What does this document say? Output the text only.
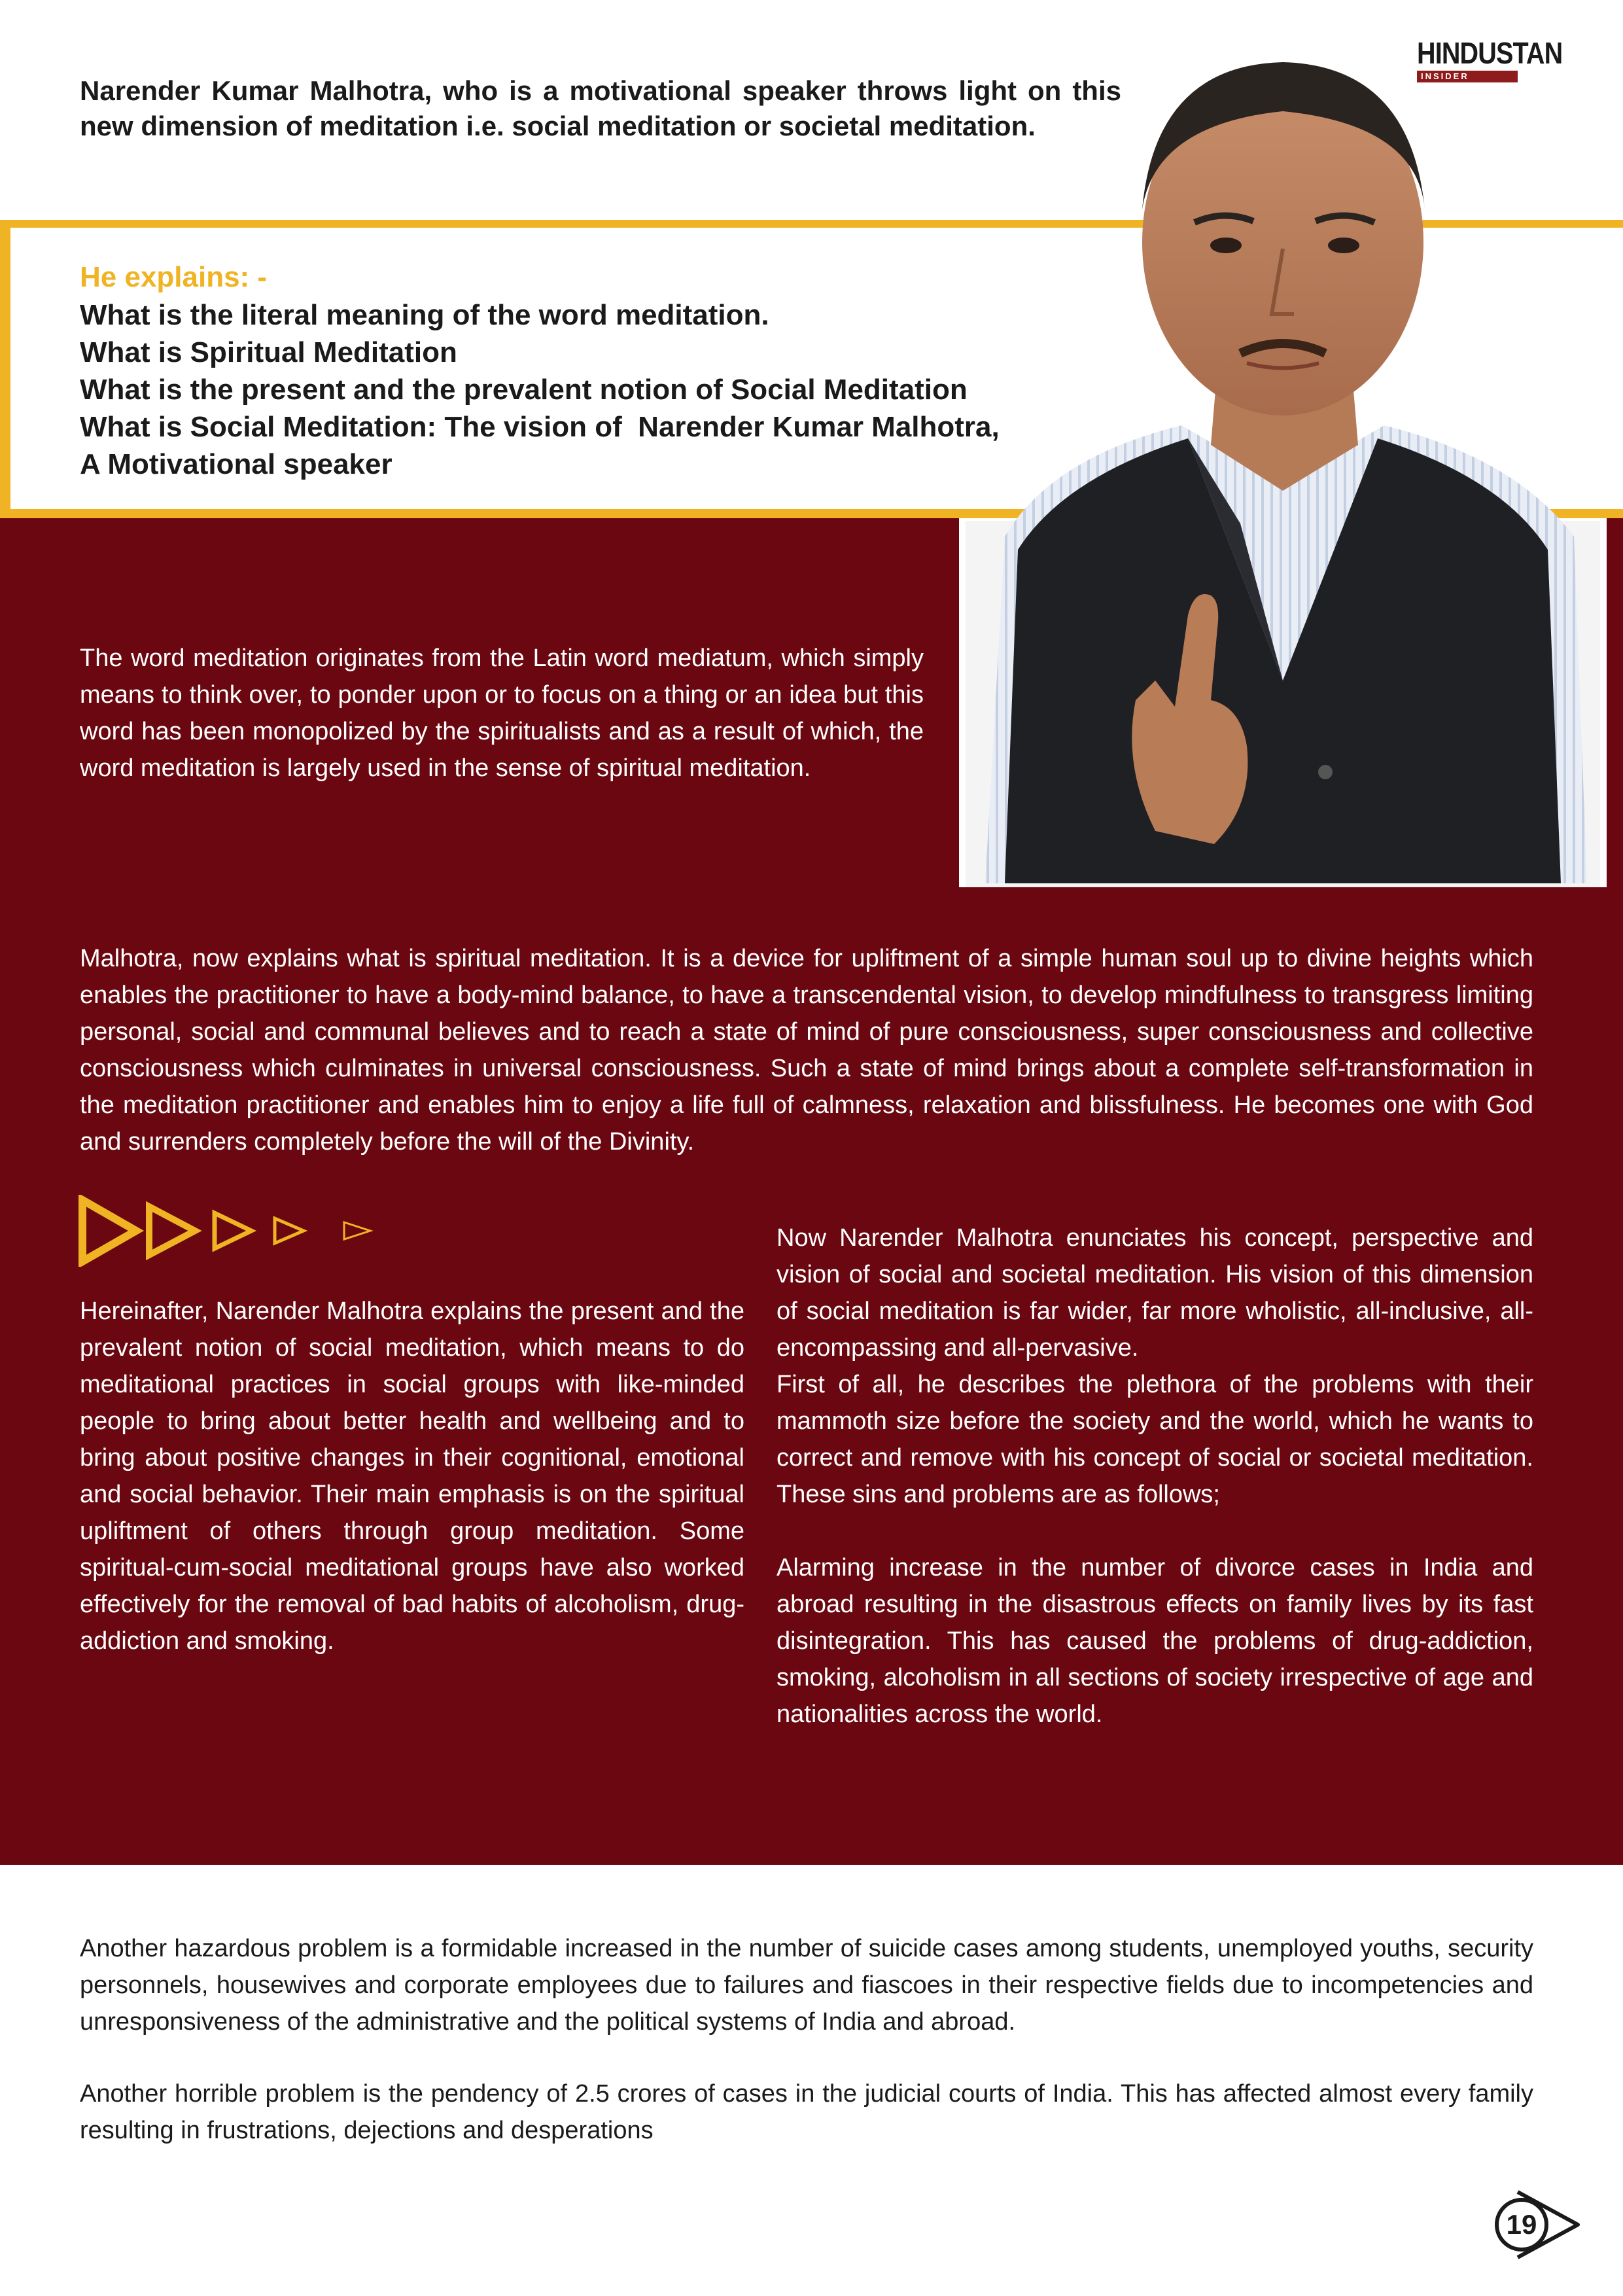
HINDUSTAN
INSIDER
Narender Kumar Malhotra, who is a motivational speaker throws light on this new dimension of meditation i.e. social meditation or societal meditation.
He explains: -
What is the literal meaning of the word meditation.
What is Spiritual Meditation
What is the present and the prevalent notion of Social Meditation
What is Social Meditation: The vision of  Narender Kumar Malhotra,
A Motivational speaker
The word meditation originates from the Latin word mediatum, which simply means to think over, to ponder upon or to focus on a thing or an idea but this word has been monopolized by the spiritualists and as a result of which, the word meditation is largely used in the sense of spiritual meditation.
Malhotra, now explains what is spiritual meditation. It is a device for upliftment of a simple human soul up to divine heights which enables the practitioner to have a body-mind balance, to have a transcendental vision, to develop mindfulness to transgress limiting personal, social and communal believes and to reach a state of mind of pure consciousness, super consciousness and collective consciousness which culminates in universal consciousness. Such a state of mind brings about a complete self-transformation in the meditation practitioner and enables him to enjoy a life full of calmness, relaxation and blissfulness. He becomes one with God and surrenders completely before the will of the Divinity.
Hereinafter, Narender Malhotra explains the present and the prevalent notion of social meditation, which means to do meditational practices in social groups with like-minded people to bring about better health and wellbeing and to bring about positive changes in their cognitional, emotional and social behavior. Their main emphasis is on the spiritual upliftment of others through group meditation. Some spiritual-cum-social meditational groups have also worked effectively for the removal of bad habits of alcoholism, drug-addiction and smoking.
Now Narender Malhotra enunciates his concept, perspective and vision of social and societal meditation. His vision of this dimension of social meditation is far wider, far more wholistic, all-inclusive, all-encompassing and all-pervasive.
First of all, he describes the plethora of the problems with their mammoth size before the society and the world, which he wants to correct and remove with his concept of social or societal meditation. These sins and problems are as follows;
Alarming increase in the number of divorce cases in India and abroad resulting in the disastrous effects on family lives by its fast disintegration. This has caused the problems of drug-addiction, smoking, alcoholism in all sections of society irrespective of age and nationalities across the world.
Another hazardous problem is a formidable increased in the number of suicide cases among students, unemployed youths, security personnels, housewives and corporate employees due to failures and fiascoes in their respective fields due to incompetencies and unresponsiveness of the administrative and the political systems of India and abroad.
Another horrible problem is the pendency of 2.5 crores of cases in the judicial courts of India. This has affected almost every family resulting in frustrations, dejections and desperations
19
